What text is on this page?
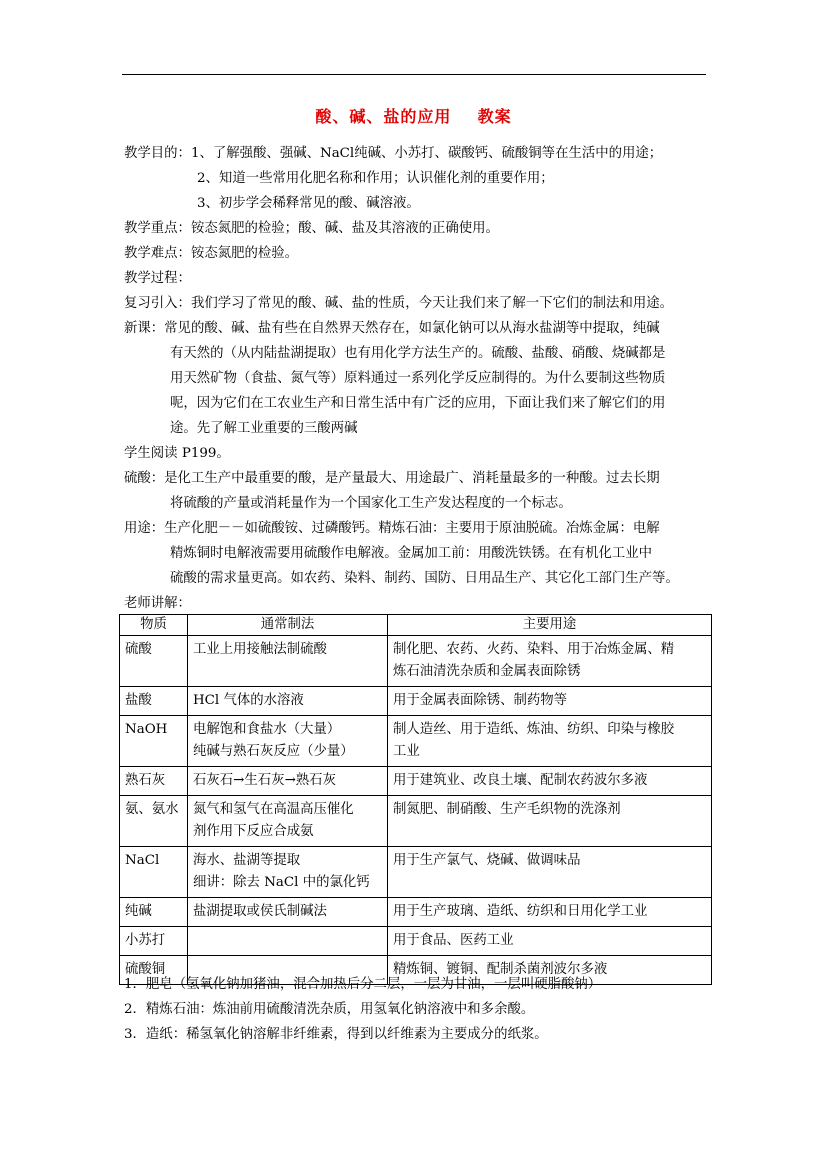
酸、碱、盐的应用    教案
教学目的：1、了解强酸、强碱、NaCl纯碱、小苏打、碳酸钙、硫酸铜等在生活中的用途；
2、知道一些常用化肥名称和作用；认识催化剂的重要作用；
3、初步学会稀释常见的酸、碱溶液。
教学重点：铵态氮肥的检验；酸、碱、盐及其溶液的正确使用。
教学难点：铵态氮肥的检验。
教学过程：
复习引入：我们学习了常见的酸、碱、盐的性质，今天让我们来了解一下它们的制法和用途。
新课：常见的酸、碱、盐有些在自然界天然存在，如氯化钠可以从海水盐湖等中提取，纯碱
有天然的（从内陆盐湖提取）也有用化学方法生产的。硫酸、盐酸、硝酸、烧碱都是
用天然矿物（食盐、氮气等）原料通过一系列化学反应制得的。为什么要制这些物质
呢，因为它们在工农业生产和日常生活中有广泛的应用，下面让我们来了解它们的用
途。先了解工业重要的三酸两碱
学生阅读 P199。
硫酸：是化工生产中最重要的酸，是产量最大、用途最广、消耗量最多的一种酸。过去长期
将硫酸的产量或消耗量作为一个国家化工生产发达程度的一个标志。
用途：生产化肥－－如硫酸铵、过磷酸钙。精炼石油：主要用于原油脱硫。冶炼金属：电解
精炼铜时电解液需要用硫酸作电解液。金属加工前：用酸洗铁锈。在有机化工业中
硫酸的需求量更高。如农药、染料、制药、国防、日用品生产、其它化工部门生产等。
老师讲解：
1．肥皂（氢氧化钠加猪油，混合加热后分二层，一层为甘油，一层叫硬脂酸钠）
2．精炼石油：炼油前用硫酸清洗杂质，用氢氧化钠溶液中和多余酸。
3．造纸：稀氢氧化钠溶解非纤维素，得到以纤维素为主要成分的纸浆。
物质	通常制法	主要用途
硫酸	工业上用接触法制硫酸	制化肥、农药、火药、染料、用于冶炼金属、精
炼石油清洗杂质和金属表面除锈

盐酸	HCl 气体的水溶液	用于金属表面除锈、制药物等

NaOH	电解饱和食盐水（大量）
纯碱与熟石灰反应（少量）	制人造丝、用于造纸、炼油、纺织、印染与橡胶
工业

熟石灰	石灰石→生石灰→熟石灰	用于建筑业、改良土壤、配制农药波尔多液

氨、氨水	氮气和氢气在高温高压催化
剂作用下反应合成氨	制氮肥、制硝酸、生产毛织物的洗涤剂

NaCl	海水、盐湖等提取
细讲：除去 NaCl 中的氯化钙	用于生产氯气、烧碱、做调味品

纯碱	盐湖提取或侯氏制碱法	用于生产玻璃、造纸、纺织和日用化学工业

小苏打		用于食品、医药工业

硫酸铜		精炼铜、镀铜、配制杀菌剂波尔多液
